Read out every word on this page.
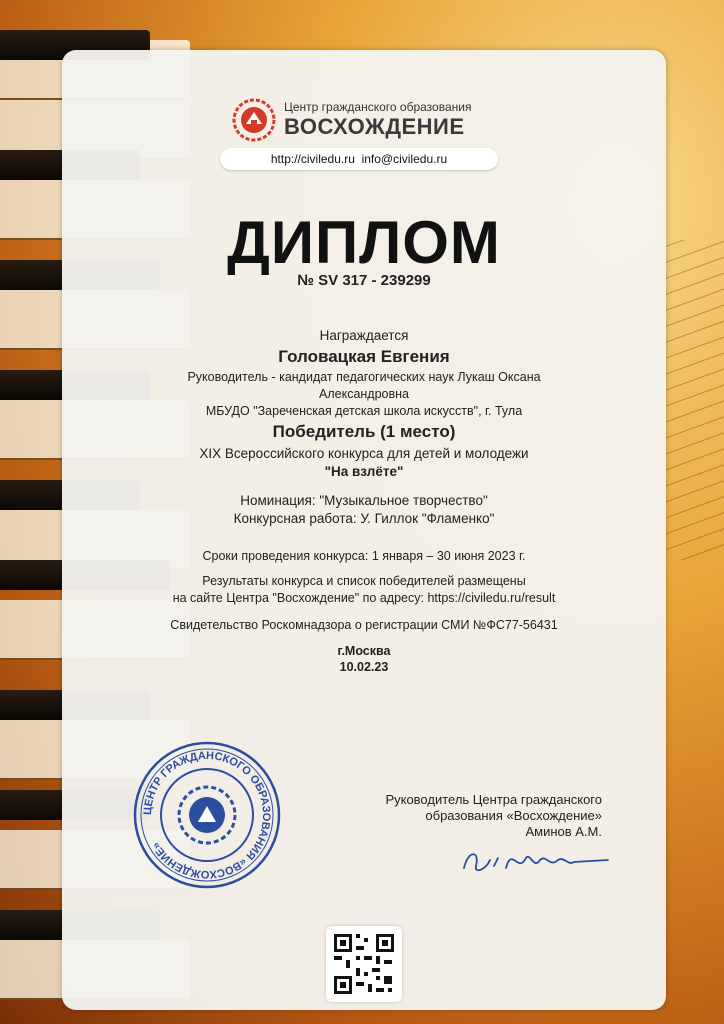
Центр гражданского образования
ВОСХОЖДЕНИЕ
http://civiledu.ru  info@civiledu.ru
ДИПЛОМ
№ SV 317 - 239299
Награждается
Головацкая Евгения
Руководитель - кандидат педагогических наук Лукаш Оксана
Александровна
МБУДО "Зареченская детская школа искусств", г. Тула
Победитель (1 место)
XIX Всероссийского конкурса для детей и молодежи
"На взлёте"
Номинация: "Музыкальное творчество"
Конкурсная работа: У. Гиллок "Фламенко"
Сроки проведения конкурса: 1 января – 30 июня 2023 г.
Результаты конкурса и список победителей размещены
на сайте Центра "Восхождение" по адресу: https://civiledu.ru/result
Свидетельство Роскомнадзора о регистрации СМИ №ФС77-56431
г.Москва
10.02.23
ЦЕНТР ГРАЖДАНСКОГО ОБРАЗОВАНИЯ «ВОСХОЖДЕНИЕ»
Руководитель Центра гражданского
образования «Восхождение»
Аминов А.М.
